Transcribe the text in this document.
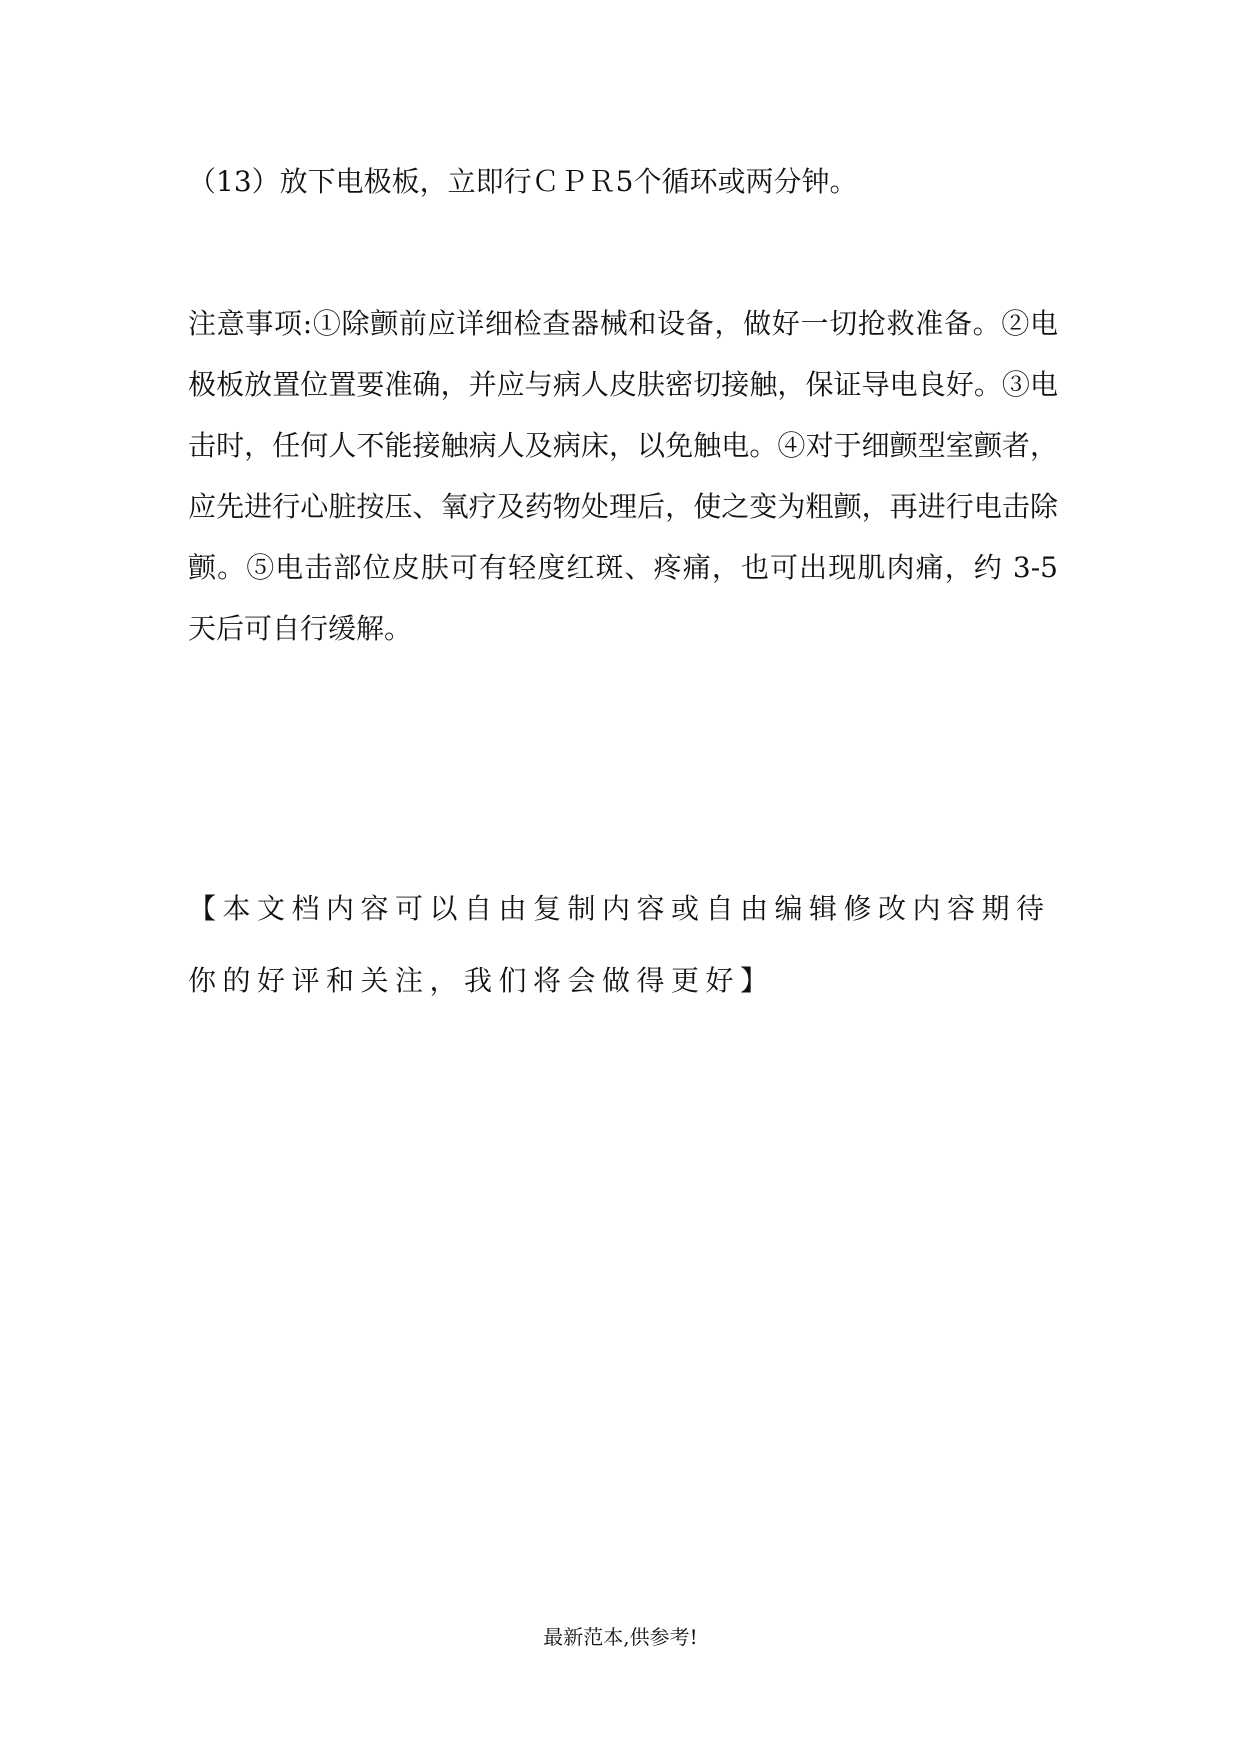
（13）放下电极板，立即行ＣＰＲ5个循环或两分钟。

注意事项:①除颤前应详细检查器械和设备，做好一切抢救准备。②电极板放置位置要准确，并应与病人皮肤密切接触，保证导电良好。③电击时，任何人不能接触病人及病床，以免触电。④对于细颤型室颤者，应先进行心脏按压、氧疗及药物处理后，使之变为粗颤，再进行电击除颤。⑤电击部位皮肤可有轻度红斑、疼痛，也可出现肌肉痛，约 3-5 天后可自行缓解。

【本文档内容可以自由复制内容或自由编辑修改内容期待你的好评和关注，我们将会做得更好】

最新范本,供参考!
